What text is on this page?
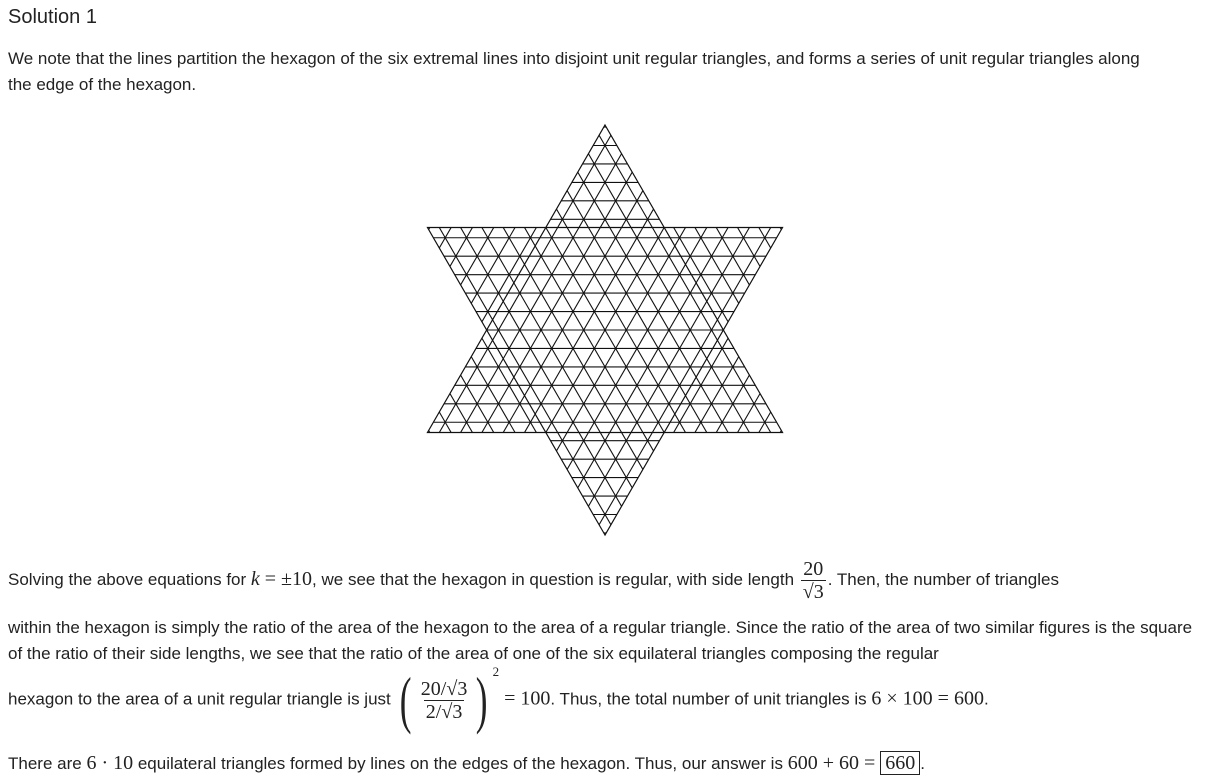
Solution 1
We note that the lines partition the hexagon of the six extremal lines into disjoint unit regular triangles, and forms a series of unit regular triangles along the edge of the hexagon.
Solving the above equations for k = ±10, we see that the hexagon in question is regular, with side length $\frac{20}{√3}$ . Then, the number of triangles
within the hexagon is simply the ratio of the area of the hexagon to the area of a regular triangle. Since the ratio of the area of two similar figures is the square of the ratio of their side lengths, we see that the ratio of the area of one of the six equilateral triangles composing the regular
hexagon to the area of a unit regular triangle is just ( $\frac{20/√3}{2/√3}$ ) 2
= 100. Thus, the total number of unit triangles is 6 × 100 = 600.
There are 6 · 10 equilateral triangles formed by lines on the edges of the hexagon. Thus, our answer is 600 + 60 = 660 .
